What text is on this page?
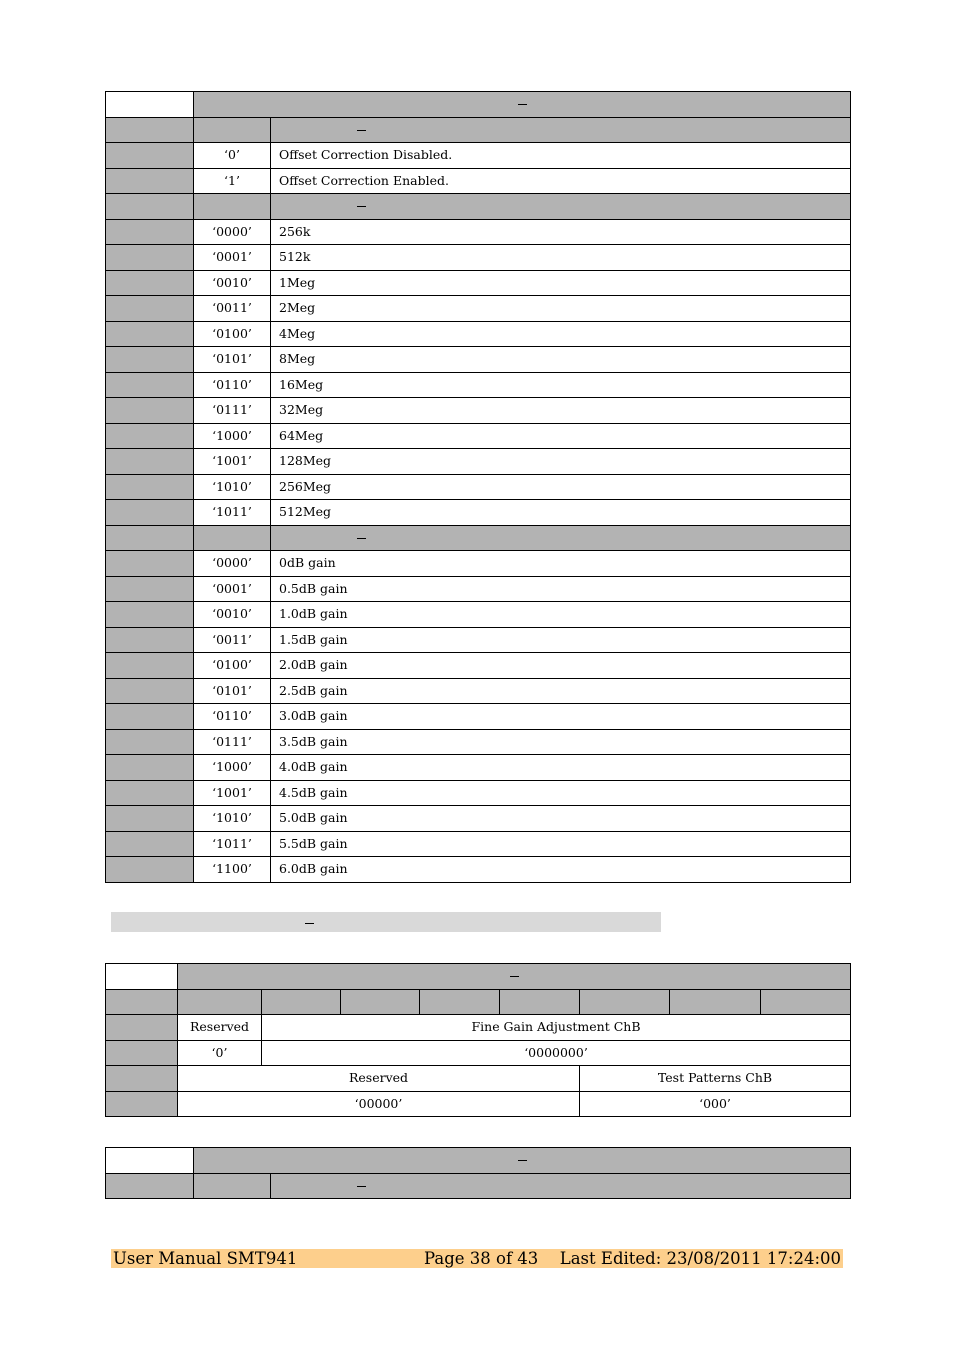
	‘0’	Offset Correction Disabled.
	‘1’	Offset Correction Enabled.

	‘0000’	256k
	‘0001’	512k
	‘0010’	1Meg
	‘0011’	2Meg
	‘0100’	4Meg
	‘0101’	8Meg
	‘0110’	16Meg
	‘0111’	32Meg
	‘1000’	64Meg
	‘1001’	128Meg
	‘1010’	256Meg
	‘1011’	512Meg

	‘0000’	0dB gain
	‘0001’	0.5dB gain
	‘0010’	1.0dB gain
	‘0011’	1.5dB gain
	‘0100’	2.0dB gain
	‘0101’	2.5dB gain
	‘0110’	3.0dB gain
	‘0111’	3.5dB gain
	‘1000’	4.0dB gain
	‘1001’	4.5dB gain
	‘1010’	5.0dB gain
	‘1011’	5.5dB gain
	‘1100’	6.0dB gain

	Reserved	Fine Gain Adjustment ChB						
	‘0’	‘0000000’						
	Reserved					Test Patterns ChB		
	‘00000’					‘000’		

User Manual SMT941	Page 38 of 43 Last Edited: 23/08/2011 17:24:00
